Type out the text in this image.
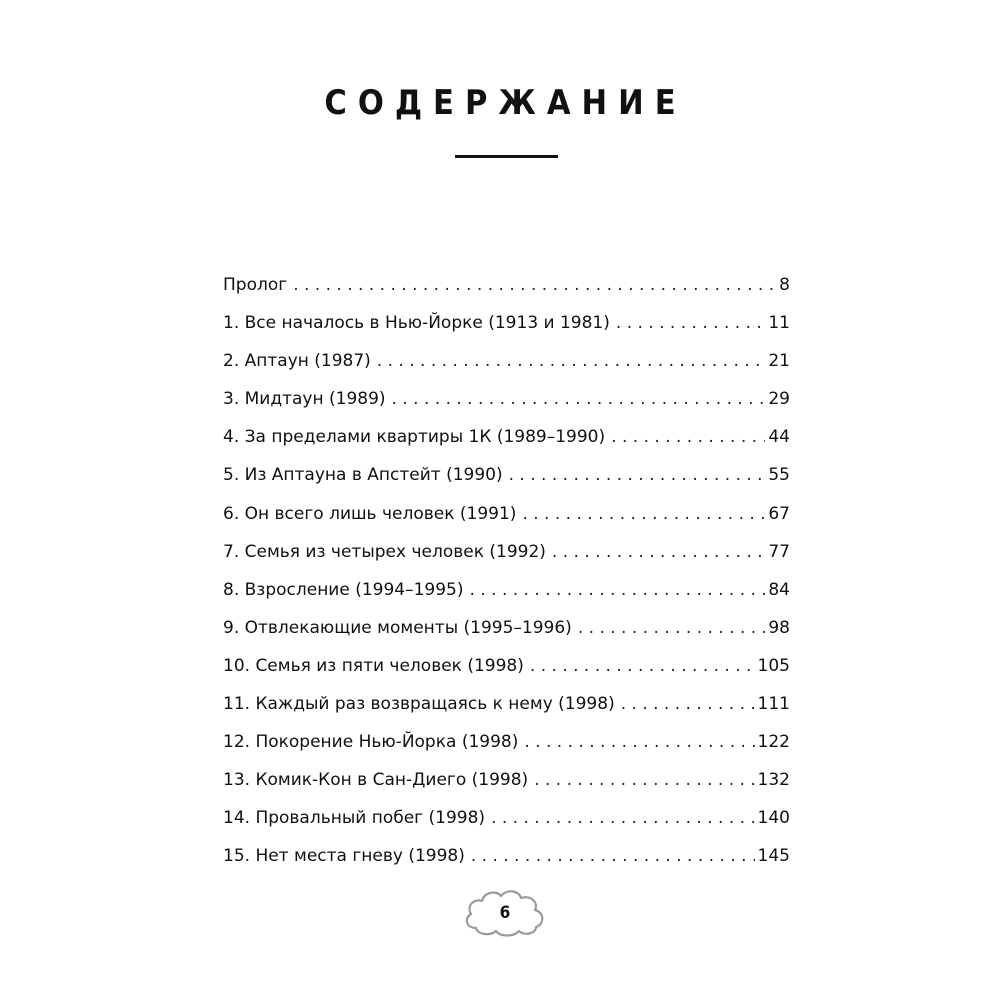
СОДЕРЖАНИЕ
Пролог . . .	8
1. Все началось в Нью-Йорке (1913 и 1981) . . .	11
2. Аптаун (1987) . . .	21
3. Мидтаун (1989) . . .	29
4. За пределами квартиры 1К (1989–1990) . . .	44
5. Из Аптауна в Апстейт (1990) . . .	55
6. Он всего лишь человек (1991) . . .	67
7. Семья из четырех человек (1992) . . .	77
8. Взросление (1994–1995) . . .	84
9. Отвлекающие моменты (1995–1996) . . .	98
10. Семья из пяти человек (1998) . . .	105
11. Каждый раз возвращаясь к нему (1998) . . .	111
12. Покорение Нью-Йорка (1998) . . .	122
13. Комик-Кон в Сан-Диего (1998) . . .	132
14. Провальный побег (1998) . . .	140
15. Нет места гневу (1998) . . .	145
6
